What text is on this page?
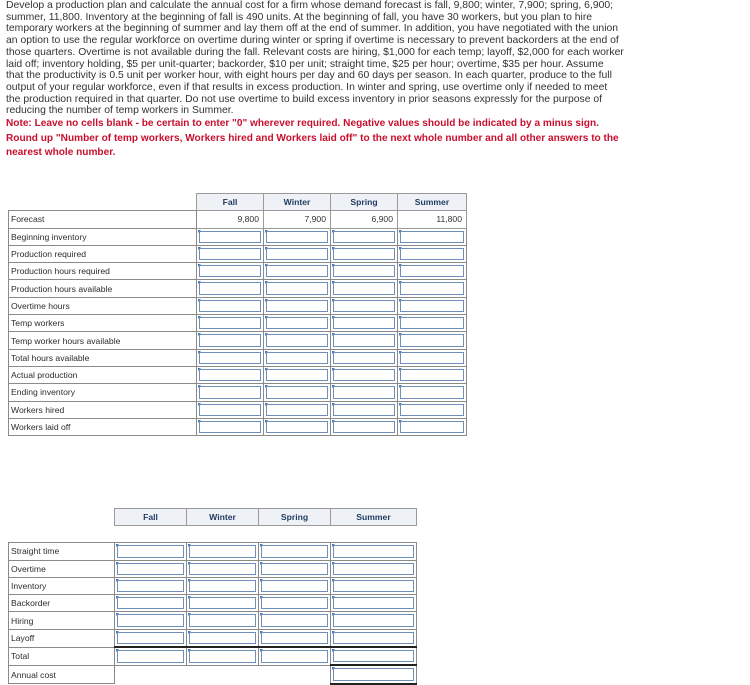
Develop a production plan and calculate the annual cost for a firm whose demand forecast is fall, 9,800; winter, 7,900; spring, 6,900;

summer, 11,800. Inventory at the beginning of fall is 490 units. At the beginning of fall, you have 30 workers, but you plan to hire

temporary workers at the beginning of summer and lay them off at the end of summer. In addition, you have negotiated with the union

an option to use the regular workforce on overtime during winter or spring if overtime is necessary to prevent backorders at the end of

those quarters. Overtime is not available during the fall. Relevant costs are hiring, $1,000 for each temp; layoff, $2,000 for each worker

laid off; inventory holding, $5 per unit-quarter; backorder, $10 per unit; straight time, $25 per hour; overtime, $35 per hour. Assume

that the productivity is 0.5 unit per worker hour, with eight hours per day and 60 days per season. In each quarter, produce to the full

output of your regular workforce, even if that results in excess production. In winter and spring, use overtime only if needed to meet

the production required in that quarter. Do not use overtime to build excess inventory in prior seasons expressly for the purpose of

reducing the number of temp workers in Summer.

Note: Leave no cells blank - be certain to enter "0" wherever required. Negative values should be indicated by a minus sign.

Round up "Number of temp workers, Workers hired and Workers laid off" to the next whole number and all other answers to the

nearest whole number.

	Fall	Winter	Spring	Summer
Forecast	9,800	7,900	6,900	11,800
Beginning inventory	

Production required	

Production hours required	

Production hours available	

Overtime hours	

Temp workers	

Temp worker hours available	

Total hours available	

Actual production	

Ending inventory	

Workers hired	

Workers laid off	

	Fall	Winter	Spring	Summer

Straight time	

Overtime	

Inventory	

Backorder	

Hiring	

Layoff	

Total	

Annual cost				
